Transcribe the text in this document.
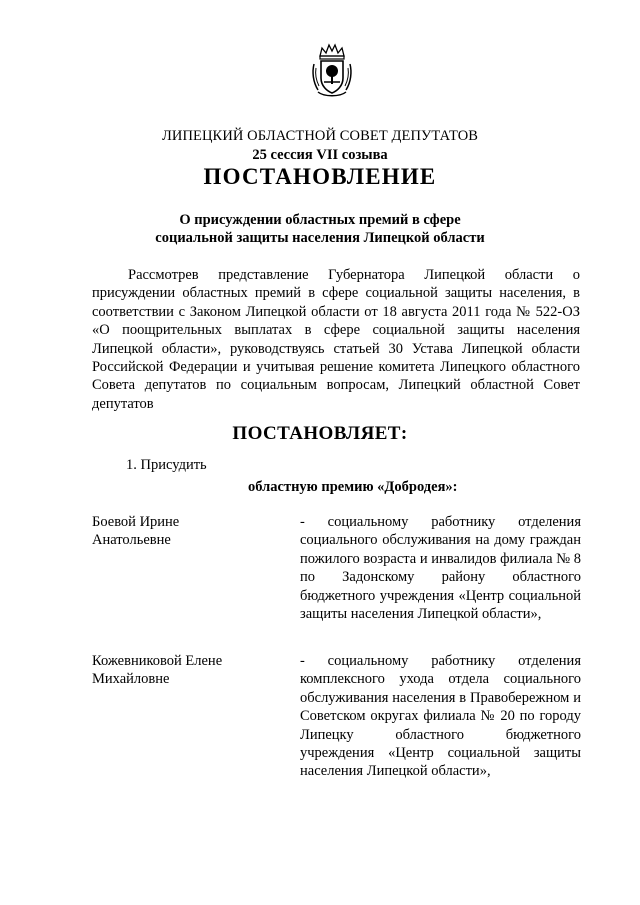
ЛИПЕЦКИЙ ОБЛАСТНОЙ СОВЕТ ДЕПУТАТОВ
25 сессия VII созыва
ПОСТАНОВЛЕНИЕ
О присуждении областных премий в сфере
социальной защиты населения Липецкой области

Рассмотрев представление Губернатора Липецкой области о присуждении областных премий в сфере социальной защиты населения, в соответствии с Законом Липецкой области от 18 августа 2011 года № 522-ОЗ «О поощрительных выплатах в сфере социальной защиты населения Липецкой области», руководствуясь статьей 30 Устава Липецкой области Российской Федерации и учитывая решение комитета Липецкого областного Совета депутатов по социальным вопросам, Липецкий областной Совет депутатов

ПОСТАНОВЛЯЕТ:
1. Присудить
областную премию «Добродея»:
Боевой Ирине
Анатольевне

- социальному работнику отделения социального обслуживания на дому граждан пожилого возраста и инвалидов филиала № 8 по Задонскому району областного бюджетного учреждения «Центр социальной защиты населения Липецкой области»,

Кожевниковой Елене
Михайловне

- социальному работнику отделения комплексного ухода отдела социального обслуживания населения в Правобережном и Советском округах филиала № 20 по городу Липецку областного бюджетного учреждения «Центр социальной защиты населения Липецкой области»,
